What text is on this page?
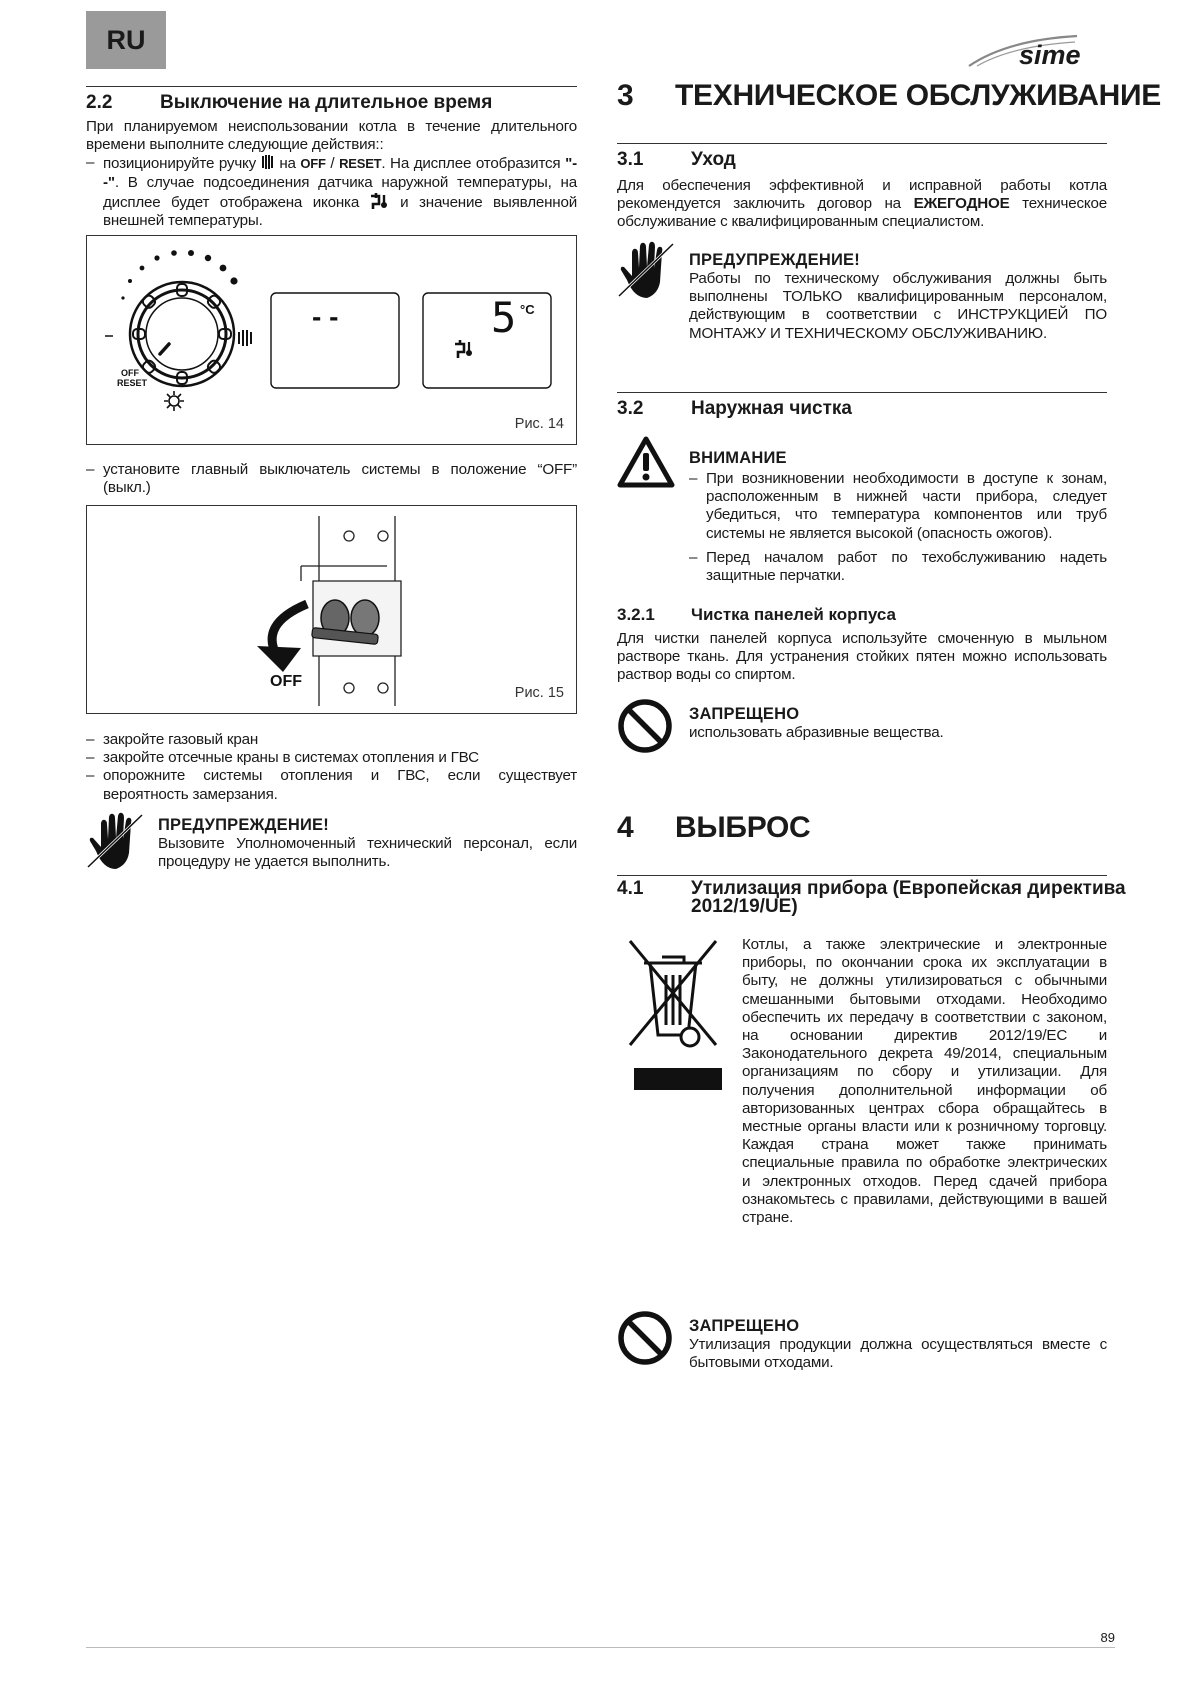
RU
sime
2.2	Выключение на длительное время
При планируемом неиспользовании котла в течение длительного времени выполните следующие действия::
– позиционируйте ручку на OFF / RESET. На дисплее отобразится "- -". В случае подсоединения датчика наружной температуры, на дисплее будет отображена иконка	и значение выявленной внешней температуры.
OFF
RESET
- -	5 °C
Рис. 14
– установите главный выключатель системы в положение “OFF” (выкл.)
OFF
Рис. 15
– закройте газовый кран
– закройте отсечные краны в системах отопления и ГВС
– опорожните системы отопления и ГВС, если существует вероятность замерзания.
ПРЕДУПРЕЖДЕНИЕ!
Вызовите Уполномоченный технический персонал, если процедуру не удается выполнить.
3 ТЕХНИЧЕСКОЕ ОБСЛУЖИВАНИЕ
3.1	Уход
Для обеспечения эффективной и исправной работы котла рекомендуется заключить договор на ЕЖЕГОДНОЕ техническое обслуживание с квалифицированным специалистом.
ПРЕДУПРЕЖДЕНИЕ!
Работы по техническому обслуживания должны быть выполнены ТОЛЬКО квалифицированным персоналом, действующим в соответствии с ИНСТРУКЦИЕЙ ПО МОНТАЖУ И ТЕХНИЧЕСКОМУ ОБСЛУЖИВАНИЮ.
3.2	Наружная чистка
ВНИМАНИЕ
– При возникновении необходимости в доступе к зонам, расположенным в нижней части прибора, следует убедиться, что температура компонентов или труб системы не является высокой (опасность ожогов).
– Перед началом работ по техобслуживанию надеть защитные перчатки.
3.2.1 Чистка панелей корпуса
Для чистки панелей корпуса используйте смоченную в мыльном растворе ткань. Для устранения стойких пятен можно использовать раствор воды со спиртом.
ЗАПРЕЩЕНО
использовать абразивные вещества.
4 ВЫБРОС
4.1	Утилизация прибора (Европейская директива
2012/19/UE)
Котлы, а также электрические и электронные приборы, по окончании срока их эксплуатации в быту, не должны утилизироваться с обычными смешанными бытовыми отходами. Необходимо обеспечить их передачу в соответствии с законом, на основании директив 2012/19/ЕС и Законодательного декрета 49/2014, специальным организациям по сбору и утилизации. Для получения дополнительной информации об авторизованных центрах сбора обращайтесь в местные органы власти или к розничному торговцу. Каждая страна может также принимать специальные правила по обработке электрических и электронных отходов. Перед сдачей прибора ознакомьтесь с правилами, действующими в вашей стране.
ЗАПРЕЩЕНО
Утилизация продукции должна осуществляться вместе с бытовыми отходами.
89
